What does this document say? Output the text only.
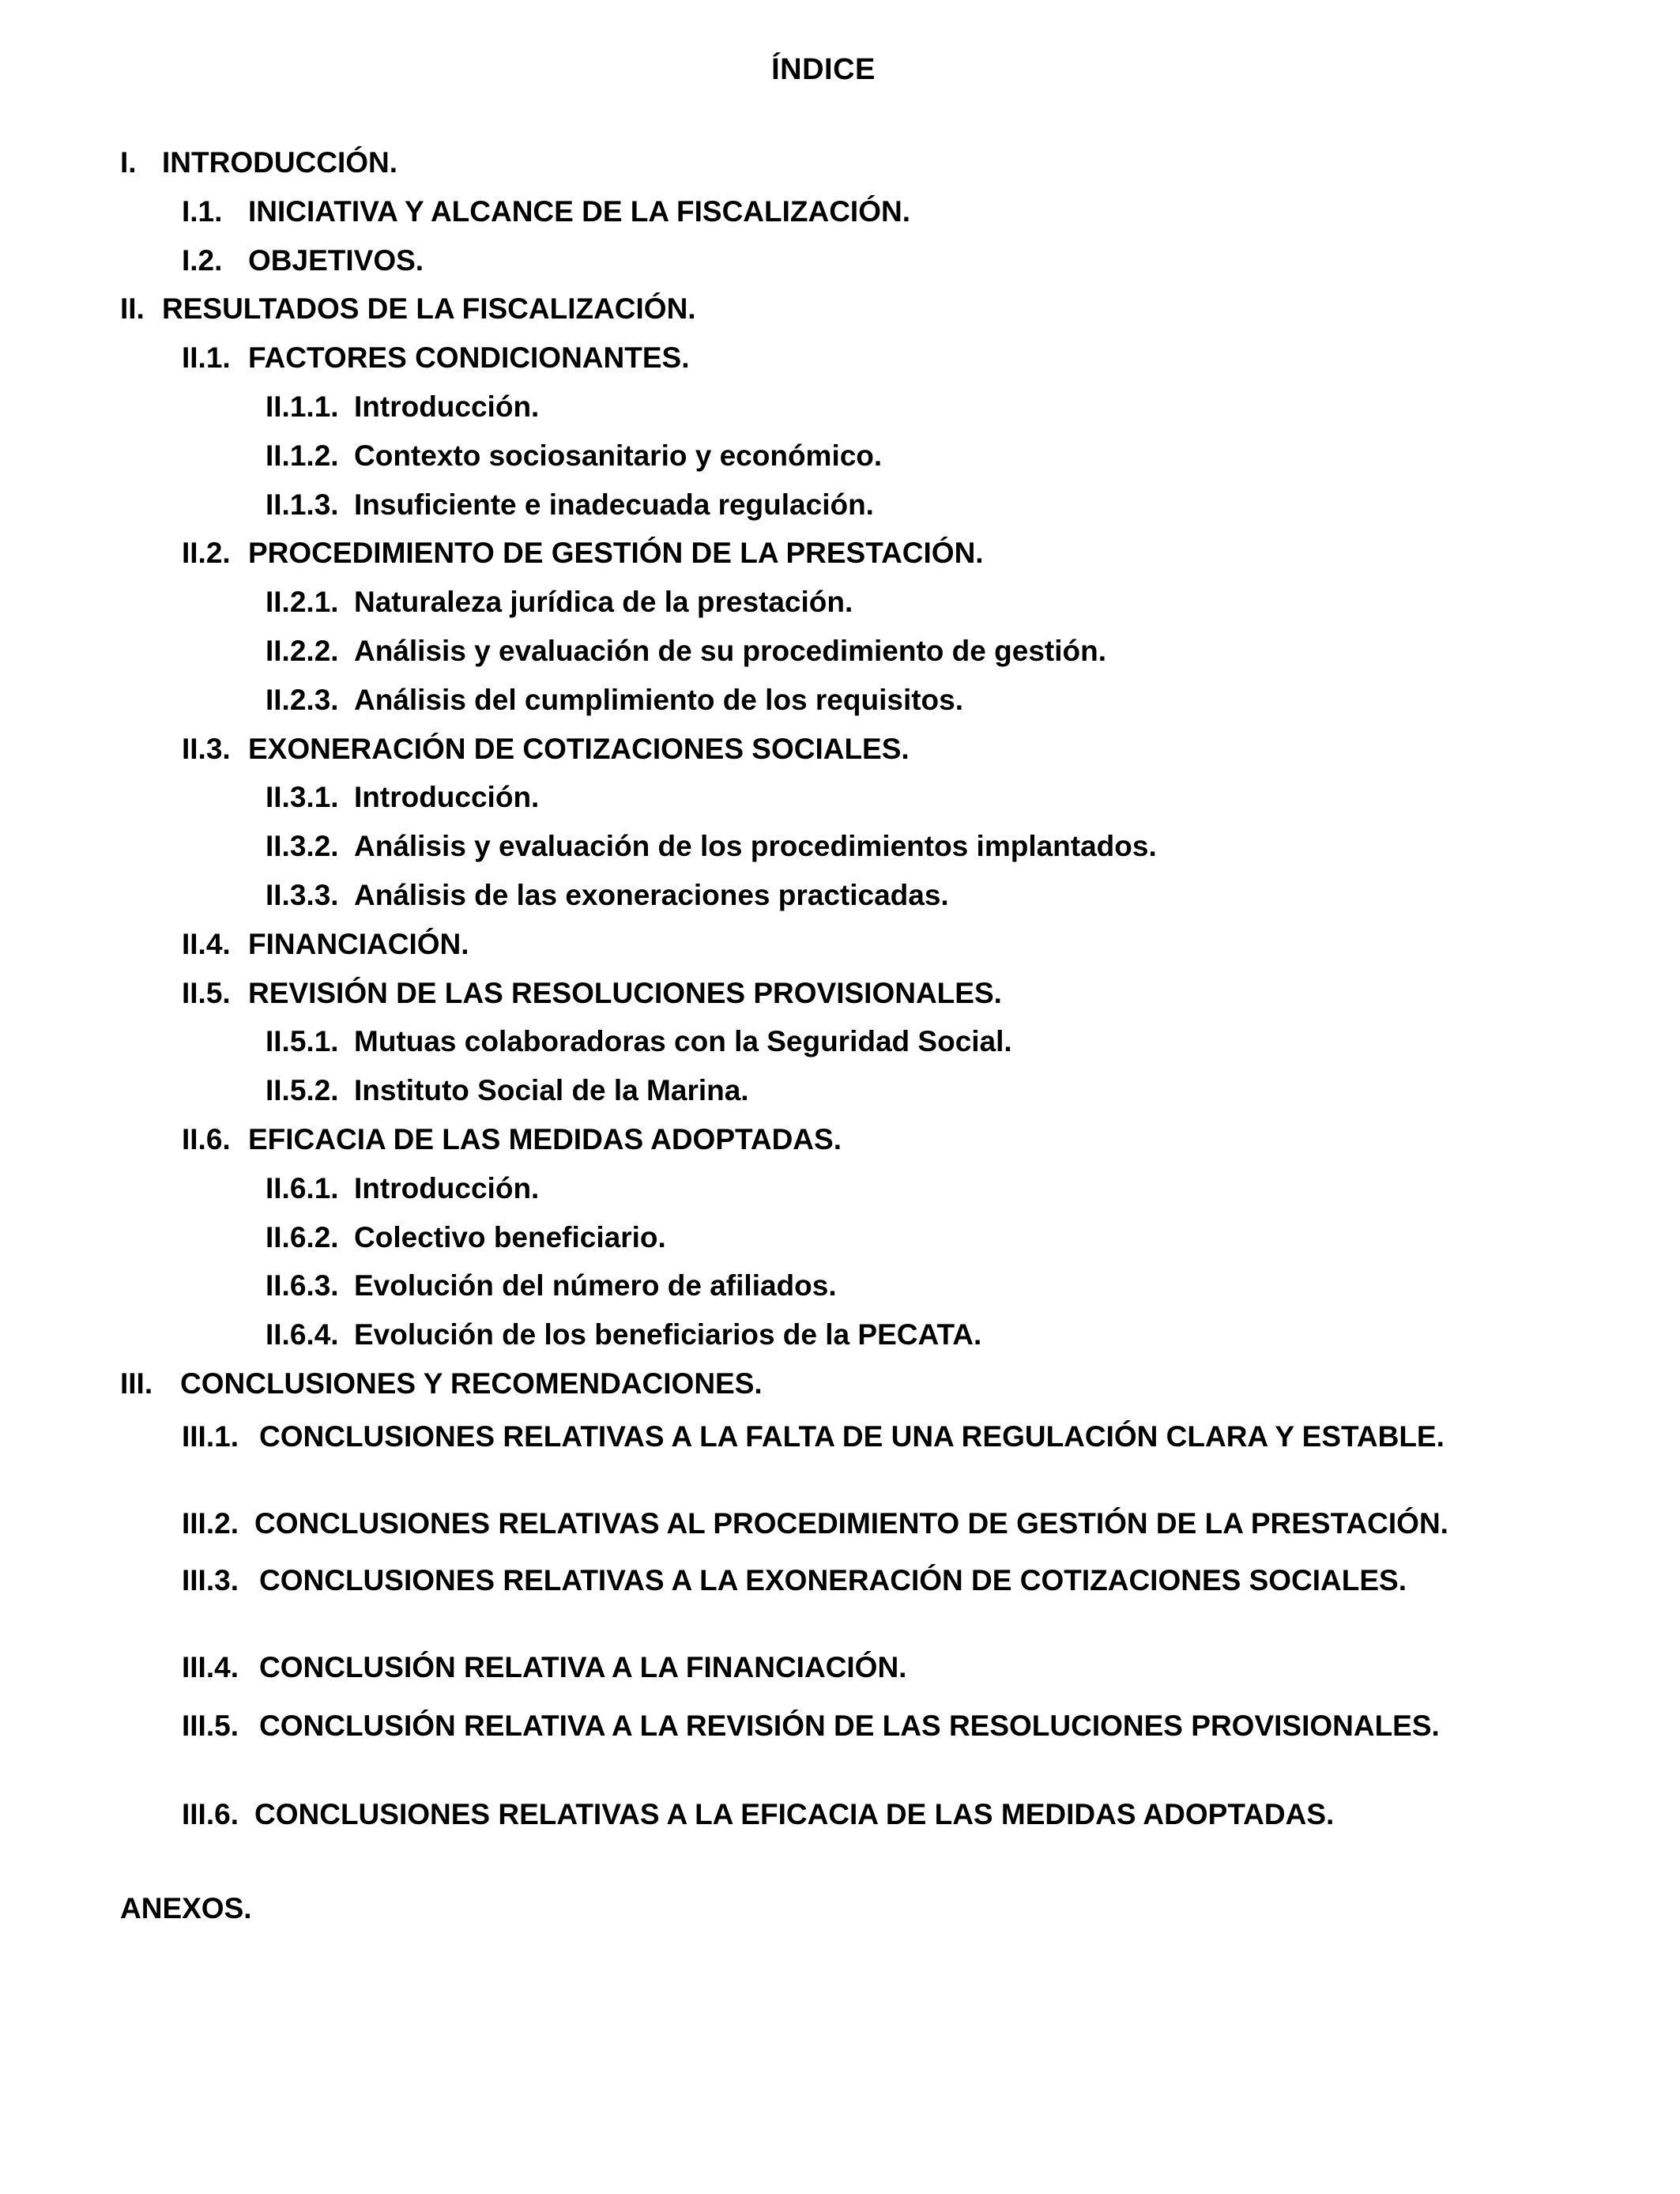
ÍNDICE
I. INTRODUCCIÓN.
I.1. INICIATIVA Y ALCANCE DE LA FISCALIZACIÓN.
I.2. OBJETIVOS.
II. RESULTADOS DE LA FISCALIZACIÓN.
II.1. FACTORES CONDICIONANTES.
II.1.1. Introducción.
II.1.2. Contexto sociosanitario y económico.
II.1.3. Insuficiente e inadecuada regulación.
II.2. PROCEDIMIENTO DE GESTIÓN DE LA PRESTACIÓN.
II.2.1. Naturaleza jurídica de la prestación.
II.2.2. Análisis y evaluación de su procedimiento de gestión.
II.2.3. Análisis del cumplimiento de los requisitos.
II.3. EXONERACIÓN DE COTIZACIONES SOCIALES.
II.3.1. Introducción.
II.3.2. Análisis y evaluación de los procedimientos implantados.
II.3.3. Análisis de las exoneraciones practicadas.
II.4. FINANCIACIÓN.
II.5. REVISIÓN DE LAS RESOLUCIONES PROVISIONALES.
II.5.1. Mutuas colaboradoras con la Seguridad Social.
II.5.2. Instituto Social de la Marina.
II.6. EFICACIA DE LAS MEDIDAS ADOPTADAS.
II.6.1. Introducción.
II.6.2. Colectivo beneficiario.
II.6.3. Evolución del número de afiliados.
II.6.4. Evolución de los beneficiarios de la PECATA.
III. CONCLUSIONES Y RECOMENDACIONES.
III.1. CONCLUSIONES RELATIVAS A LA FALTA DE UNA REGULACIÓN CLARA Y ESTABLE.
III.2. CONCLUSIONES RELATIVAS AL PROCEDIMIENTO DE GESTIÓN DE LA PRESTACIÓN.
III.3. CONCLUSIONES RELATIVAS A LA EXONERACIÓN DE COTIZACIONES SOCIALES.
III.4. CONCLUSIÓN RELATIVA A LA FINANCIACIÓN.
III.5. CONCLUSIÓN RELATIVA A LA REVISIÓN DE LAS RESOLUCIONES PROVISIONALES.
III.6. CONCLUSIONES RELATIVAS A LA EFICACIA DE LAS MEDIDAS ADOPTADAS.
ANEXOS.
